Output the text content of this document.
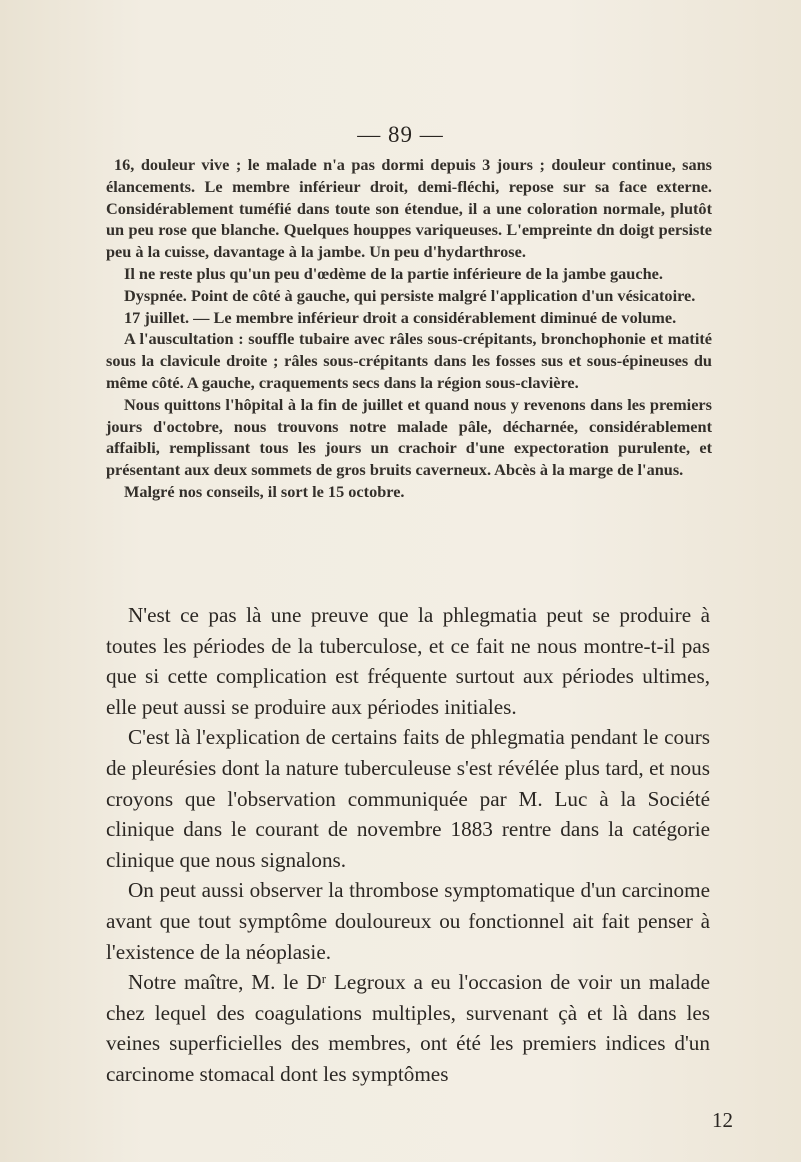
— 89 —

16, douleur vive ; le malade n'a pas dormi depuis 3 jours ; douleur continue, sans élancements. Le membre inférieur droit, demi-fléchi, repose sur sa face externe. Considérablement tuméfié dans toute son étendue, il a une coloration normale, plutôt un peu rose que blanche. Quelques houppes variqueuses. L'empreinte dn doigt persiste peu à la cuisse, davantage à la jambe. Un peu d'hydarthrose.

Il ne reste plus qu'un peu d'œdème de la partie inférieure de la jambe gauche.

Dyspnée. Point de côté à gauche, qui persiste malgré l'application d'un vésicatoire.

17 juillet. — Le membre inférieur droit a considérablement diminué de volume.

A l'auscultation : souffle tubaire avec râles sous-crépitants, bronchophonie et matité sous la clavicule droite ; râles sous-crépitants dans les fosses sus et sous-épineuses du même côté. A gauche, craquements secs dans la région sous-clavière.

Nous quittons l'hôpital à la fin de juillet et quand nous y revenons dans les premiers jours d'octobre, nous trouvons notre malade pâle, décharnée, considérablement affaibli, remplissant tous les jours un crachoir d'une expectoration purulente, et présentant aux deux sommets de gros bruits caverneux. Abcès à la marge de l'anus.

Malgré nos conseils, il sort le 15 octobre.

N'est ce pas là une preuve que la phlegmatia peut se produire à toutes les périodes de la tuberculose, et ce fait ne nous montre-t-il pas que si cette complication est fréquente surtout aux périodes ultimes, elle peut aussi se produire aux périodes initiales.

C'est là l'explication de certains faits de phlegmatia pendant le cours de pleurésies dont la nature tuberculeuse s'est révélée plus tard, et nous croyons que l'observation communiquée par M. Luc à la Société clinique dans le courant de novembre 1883 rentre dans la catégorie clinique que nous signalons.

On peut aussi observer la thrombose symptomatique d'un carcinome avant que tout symptôme douloureux ou fonctionnel ait fait penser à l'existence de la néoplasie.

Notre maître, M. le Dʳ Legroux a eu l'occasion de voir un malade chez lequel des coagulations multiples, survenant çà et là dans les veines superficielles des membres, ont été les premiers indices d'un carcinome stomacal dont les symptômes

12
